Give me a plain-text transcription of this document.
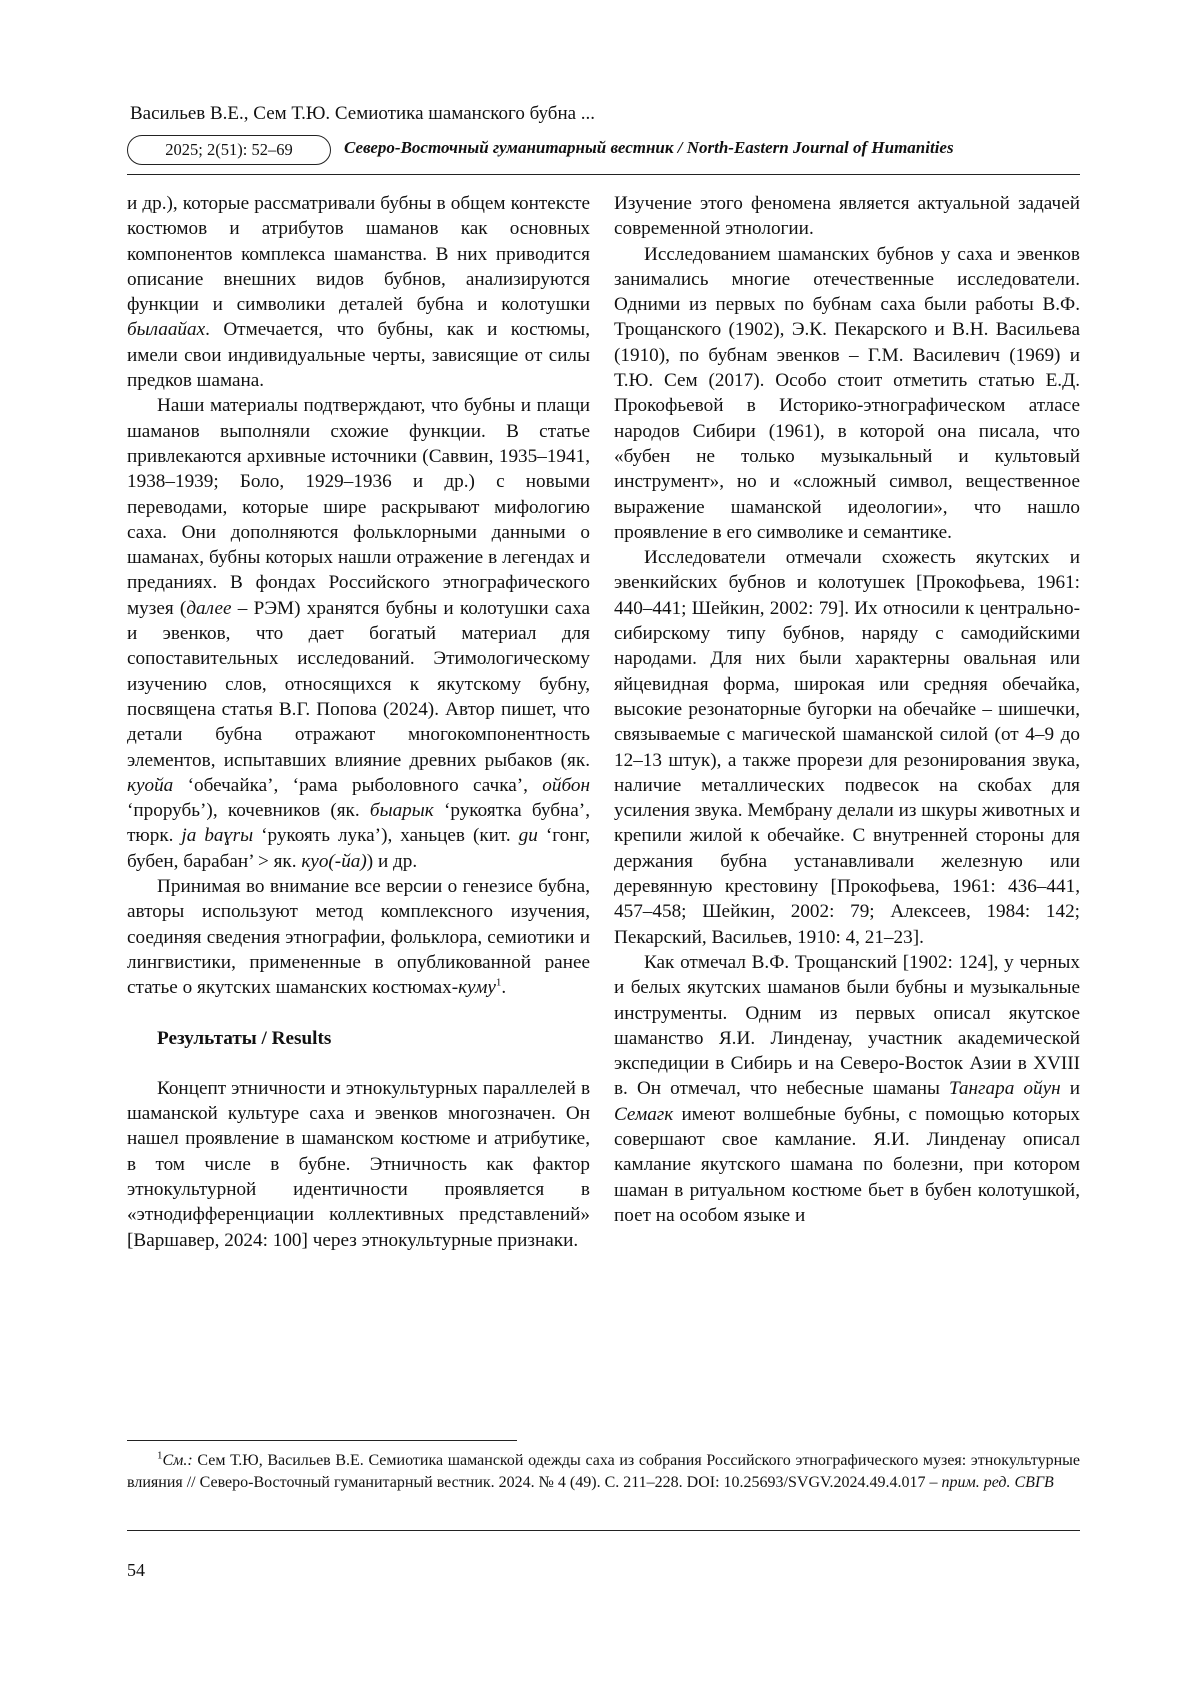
Васильев В.Е., Сем Т.Ю. Семиотика шаманского бубна ...
2025; 2(51): 52–69	Северо-Восточный гуманитарный вестник / North-Eastern Journal of Humanities

и др.), которые рассматривали бубны в общем контексте костюмов и атрибутов шаманов как основных компонентов комплекса шаманства. В них приводится описание внешних видов бубнов, анализируются функции и символики деталей бубна и колотушки былаайах. Отмечается, что бубны, как и костюмы, имели свои индивидуальные черты, зависящие от силы предков шамана.

Наши материалы подтверждают, что бубны и плащи шаманов выполняли схожие функции. В статье привлекаются архивные источники (Саввин, 1935–1941, 1938–1939; Боло, 1929–1936 и др.) с новыми переводами, которые шире раскрывают мифологию саха. Они дополняются фольклорными данными о шаманах, бубны которых нашли отражение в легендах и преданиях. В фондах Российского этнографического музея (далее – РЭМ) хранятся бубны и колотушки саха и эвенков, что дает богатый материал для сопоставительных исследований. Этимологическому изучению слов, относящихся к якутскому бубну, посвящена статья В.Г. Попова (2024). Автор пишет, что детали бубна отражают многокомпонентность элементов, испытавших влияние древних рыбаков (як. куойа ‘обечайка’, ‘рама рыболовного сачка’, ойбон ‘прорубь’), кочевников (як. быарык ‘рукоятка бубна’, тюрк. ja baɣrы ‘рукоять лука’), ханьцев (кит. gu ‘гонг, бубен, барабан’ > як. куо(-йа)) и др.

Принимая во внимание все версии о генезисе бубна, авторы используют метод комплексного изучения, соединяя сведения этнографии, фольклора, семиотики и лингвистики, примененные в опубликованной ранее статье о якутских шаманских костюмах-куму$^1$.

Результаты / Results

Концепт этничности и этнокультурных параллелей в шаманской культуре саха и эвенков многозначен. Он нашел проявление в шаманском костюме и атрибутике, в том числе в бубне. Этничность как фактор этнокультурной идентичности проявляется в «этнодифференциации коллективных представлений» [Варшавер, 2024: 100] через этнокультурные признаки.

Изучение этого феномена является актуальной задачей современной этнологии.

Исследованием шаманских бубнов у саха и эвенков занимались многие отечественные исследователи. Одними из первых по бубнам саха были работы В.Ф. Трощанского (1902), Э.К. Пекарского и В.Н. Васильева (1910), по бубнам эвенков – Г.М. Василевич (1969) и Т.Ю. Сем (2017). Особо стоит отметить статью Е.Д. Прокофьевой в Историко-этнографическом атласе народов Сибири (1961), в которой она писала, что «бубен не только музыкальный и культовый инструмент», но и «сложный символ, вещественное выражение шаманской идеологии», что нашло проявление в его символике и семантике.

Исследователи отмечали схожесть якутских и эвенкийских бубнов и колотушек [Прокофьева, 1961: 440–441; Шейкин, 2002: 79]. Их относили к центрально-сибирскому типу бубнов, наряду с самодийскими народами. Для них были характерны овальная или яйцевидная форма, широкая или средняя обечайка, высокие резонаторные бугорки на обечайке – шишечки, связываемые с магической шаманской силой (от 4–9 до 12–13 штук), а также прорези для резонирования звука, наличие металлических подвесок на скобах для усиления звука. Мембрану делали из шкуры животных и крепили жилой к обечайке. С внутренней стороны для держания бубна устанавливали железную или деревянную крестовину [Прокофьева, 1961: 436–441, 457–458; Шейкин, 2002: 79; Алексеев, 1984: 142; Пекарский, Васильев, 1910: 4, 21–23].

Как отмечал В.Ф. Трощанский [1902: 124], у черных и белых якутских шаманов были бубны и музыкальные инструменты. Одним из первых описал якутское шаманство Я.И. Линденау, участник академической экспедиции в Сибирь и на Северо-Восток Азии в XVIII в. Он отмечал, что небесные шаманы Тангара ойун и Семагк имеют волшебные бубны, с помощью которых совершают свое камлание. Я.И. Линденау описал камлание якутского шамана по болезни, при котором шаман в ритуальном костюме бьет в бубен колотушкой, поет на особом языке и

$^1$См.: Сем Т.Ю, Васильев В.Е. Семиотика шаманской одежды саха из собрания Российского этнографического музея: этнокультурные влияния // Северо-Восточный гуманитарный вестник. 2024. № 4 (49). С. 211–228. DOI: 10.25693/SVGV.2024.49.4.017 – прим. ред. СВГВ
54
